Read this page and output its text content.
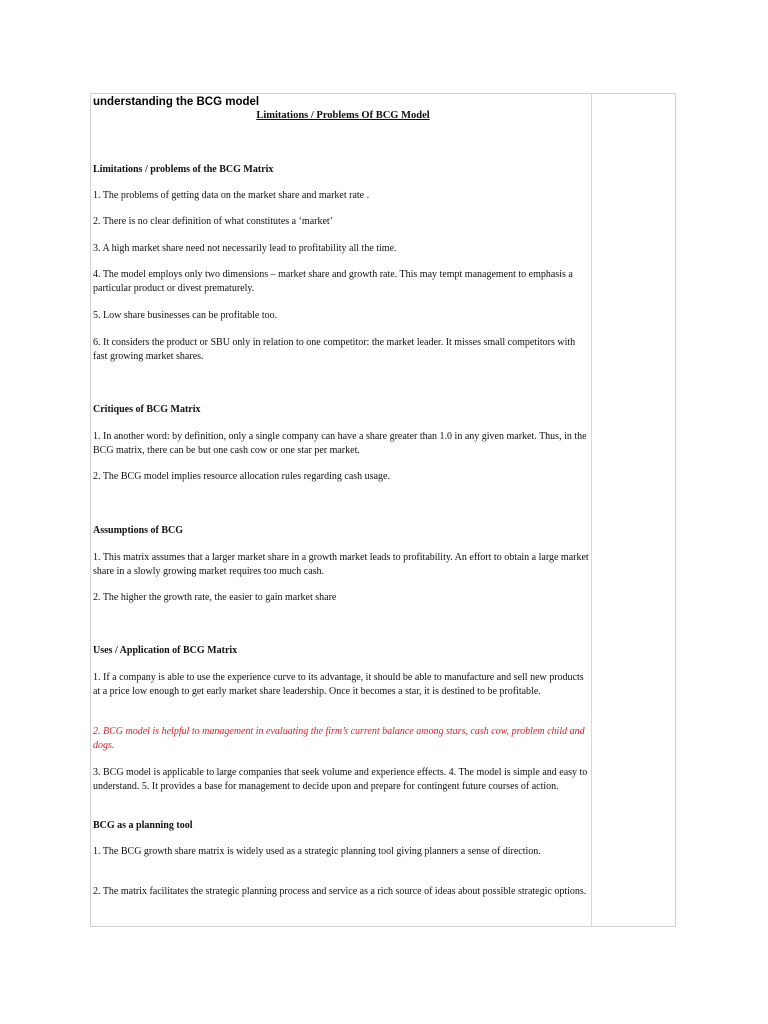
understanding the BCG model
Limitations / Problems Of BCG Model

Limitations / problems of the BCG Matrix

1. The problems of getting data on the market share and market rate .

2. There is no clear definition of what constitutes a ‘market’

3. A high market share need not necessarily lead to profitability all the time.

4. The model employs only two dimensions – market share and growth rate. This may tempt management to emphasis a particular product or divest prematurely.

5. Low share businesses can be profitable too.

6. It considers the product or SBU only in relation to one competitor: the market leader. It misses small competitors with fast growing market shares.

Critiques of BCG Matrix

1. In another word: by definition, only a single company can have a share greater than 1.0 in any given market. Thus, in the BCG matrix, there can be but one cash cow or one star per market.

2. The BCG model implies resource allocation rules regarding cash usage.

Assumptions of BCG

1. This matrix assumes that a larger market share in a growth market leads to profitability. An effort to obtain a large market share in a slowly growing market requires too much cash.

2. The higher the growth rate, the easier to gain market share

Uses / Application of BCG Matrix

1. If a company is able to use the experience curve to its advantage, it should be able to manufacture and sell new products at a price low enough to get early market share leadership. Once it becomes a star, it is destined to be profitable.

2. BCG model is helpful to management in evaluating the firm’s current balance among stars, cash cow, problem child and dogs.

3. BCG model is applicable to large companies that seek volume and experience effects. 4. The model is simple and easy to understand. 5. It provides a base for management to decide upon and prepare for contingent future courses of action.

BCG as a planning tool

1. The BCG growth share matrix is widely used as a strategic planning tool giving planners a sense of direction.

2. The matrix facilitates the strategic planning process and service as a rich source of ideas about possible strategic options.
